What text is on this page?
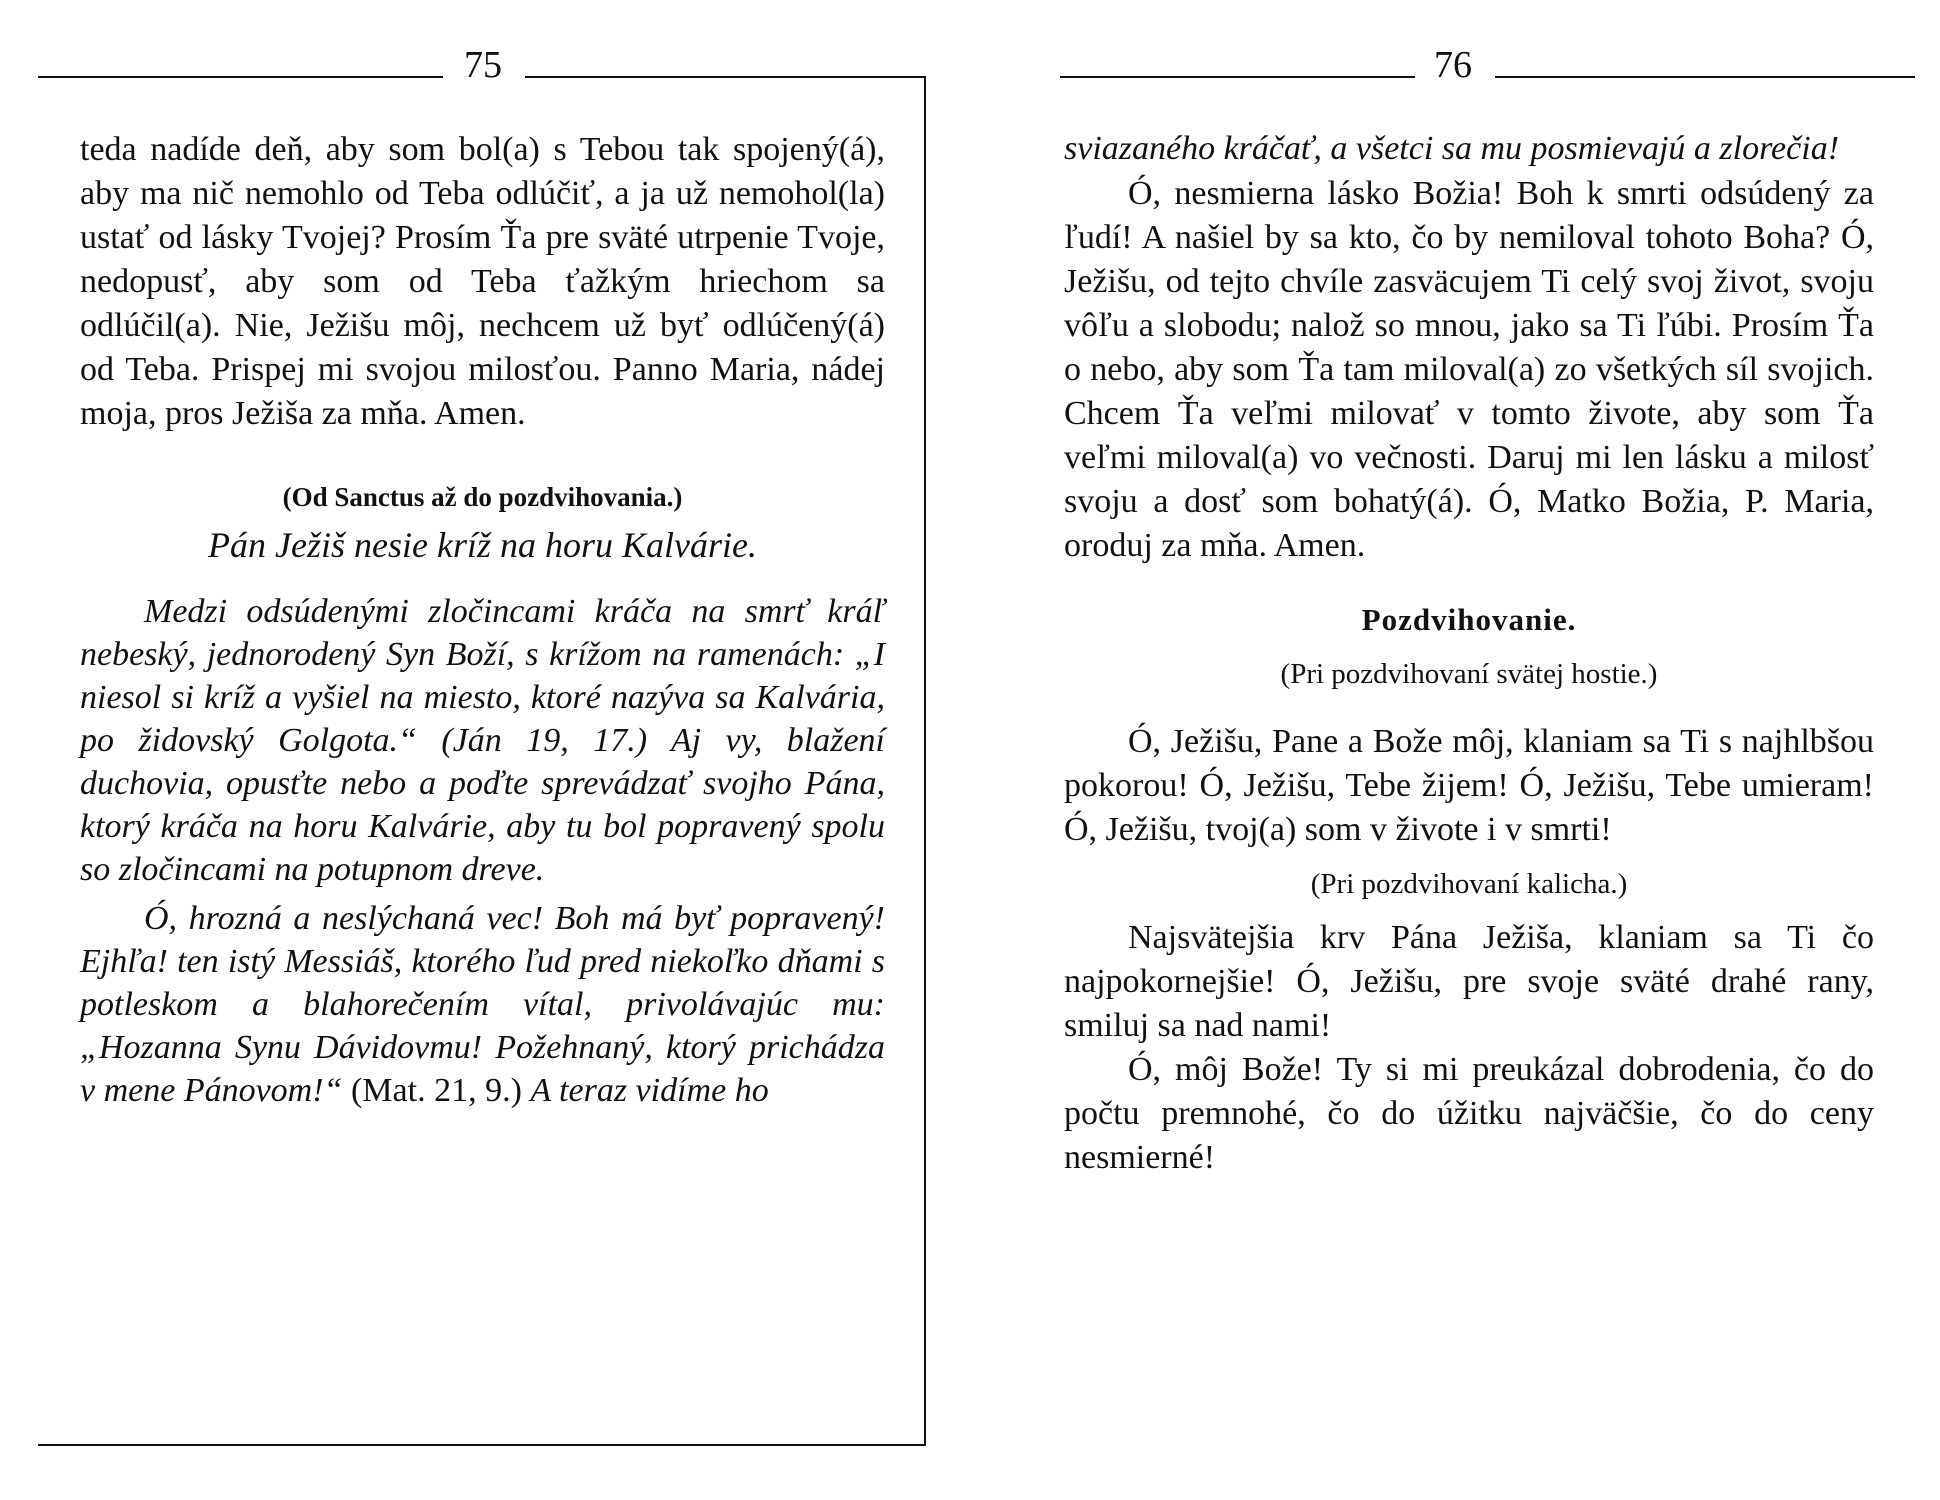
75

teda nadíde deň, aby som bol(a) s Tebou tak spojený(á), aby ma nič nemohlo od Teba odlúčiť, a ja už nemohol(la) ustať od lásky Tvojej? Prosím Ťa pre sväté utrpenie Tvoje, nedopusť, aby som od Teba ťažkým hriechom sa odlúčil(a). Nie, Ježišu môj, nechcem už byť odlúčený(á) od Teba. Prispej mi svojou milosťou. Panno Maria, nádej moja, pros Ježiša za mňa. Amen.

(Od Sanctus až do pozdvihovania.)

Pán Ježiš nesie kríž na horu Kalvárie.

Medzi odsúdenými zločincami kráča na smrť kráľ nebeský, jednorodený Syn Boží, s krížom na ramenách: „I niesol si kríž a vyšiel na miesto, ktoré nazýva sa Kalvária, po židovský Golgota.“ (Ján 19, 17.) Aj vy, blažení duchovia, opusťte nebo a poďte sprevádzať svojho Pána, ktorý kráča na horu Kalvárie, aby tu bol popravený spolu so zločincami na potupnom dreve.

Ó, hrozná a neslýchaná vec! Boh má byť popravený! Ejhľa! ten istý Messiáš, ktorého ľud pred niekoľko dňami s potleskom a blahorečením vítal, privolávajúc mu: „Hozanna Synu Dávidovmu! Požehnaný, ktorý prichádza v mene Pánovom!“ (Mat. 21, 9.) A teraz vidíme ho

76

sviazaného kráčať, a všetci sa mu posmievajú a zlorečia!

Ó, nesmierna lásko Božia! Boh k smrti odsúdený za ľudí! A našiel by sa kto, čo by nemiloval tohoto Boha? Ó, Ježišu, od tejto chvíle zasväcujem Ti celý svoj život, svoju vôľu a slobodu; nalož so mnou, jako sa Ti ľúbi. Prosím Ťa o nebo, aby som Ťa tam miloval(a) zo všetkých síl svojich. Chcem Ťa veľmi milovať v tomto živote, aby som Ťa veľmi miloval(a) vo večnosti. Daruj mi len lásku a milosť svoju a dosť som bohatý(á). Ó, Matko Božia, P. Maria, oroduj za mňa. Amen.

Pozdvihovanie.

(Pri pozdvihovaní svätej hostie.)

Ó, Ježišu, Pane a Bože môj, klaniam sa Ti s najhlbšou pokorou! Ó, Ježišu, Tebe žijem! Ó, Ježišu, Tebe umieram! Ó, Ježišu, tvoj(a) som v živote i v smrti!

(Pri pozdvihovaní kalicha.)

Najsvätejšia krv Pána Ježiša, klaniam sa Ti čo najpokornejšie! Ó, Ježišu, pre svoje sväté drahé rany, smiluj sa nad nami!

Ó, môj Bože! Ty si mi preukázal dobrodenia, čo do počtu premnohé, čo do úžitku najväčšie, čo do ceny nesmierné!
